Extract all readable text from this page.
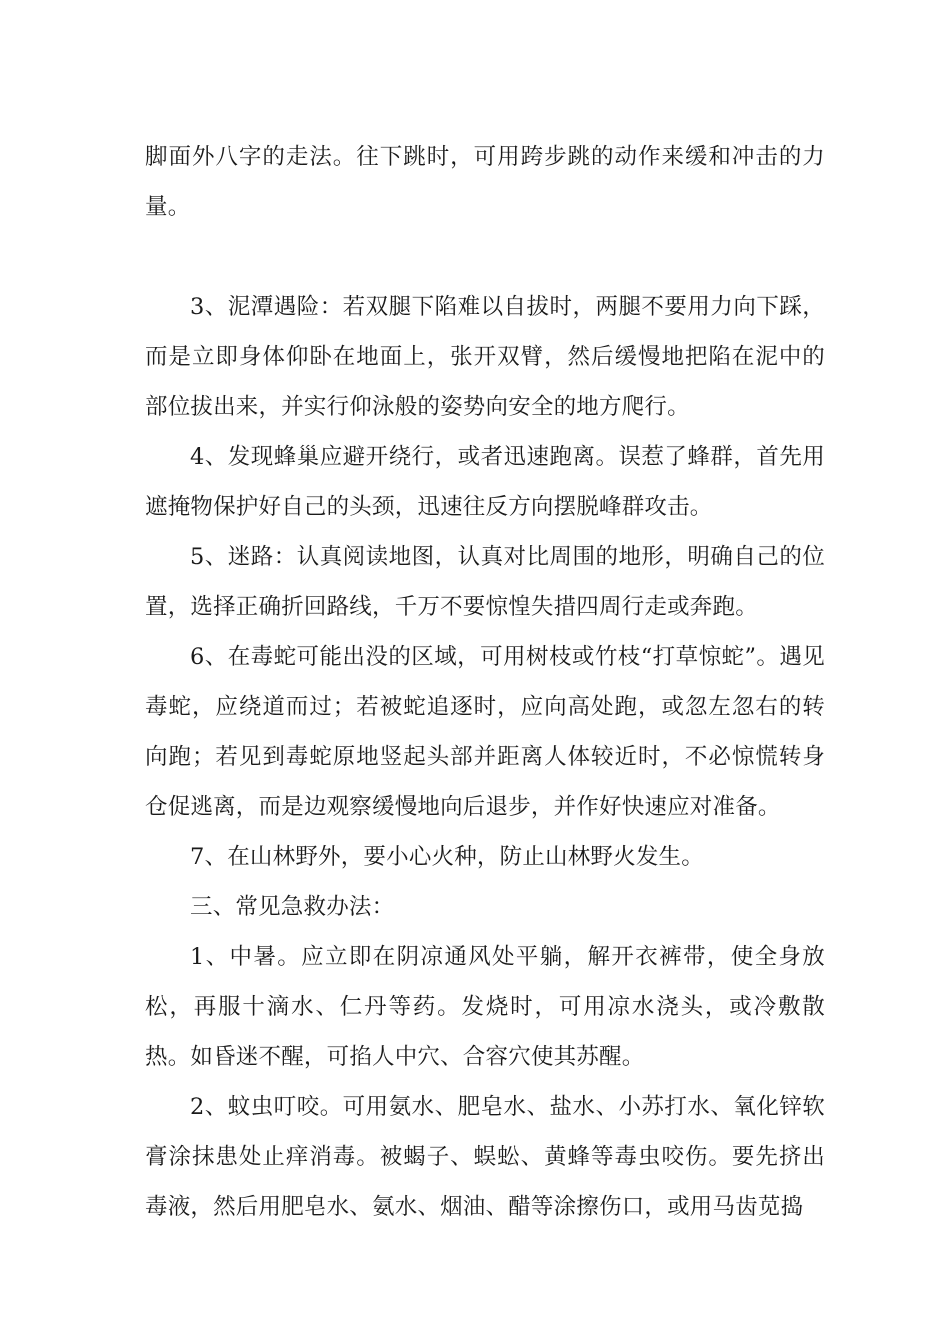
脚面外八字的走法。往下跳时，可用跨步跳的动作来缓和冲击的力量。

3、泥潭遇险：若双腿下陷难以自拔时，两腿不要用力向下踩，而是立即身体仰卧在地面上，张开双臂，然后缓慢地把陷在泥中的部位拔出来，并实行仰泳般的姿势向安全的地方爬行。

4、发现蜂巢应避开绕行，或者迅速跑离。误惹了蜂群，首先用遮掩物保护好自己的头颈，迅速往反方向摆脱峰群攻击。

5、迷路：认真阅读地图，认真对比周围的地形，明确自己的位置，选择正确折回路线，千万不要惊惶失措四周行走或奔跑。

6、在毒蛇可能出没的区域，可用树枝或竹枝“打草惊蛇”。遇见毒蛇，应绕道而过；若被蛇追逐时，应向高处跑，或忽左忽右的转向跑；若见到毒蛇原地竖起头部并距离人体较近时，不必惊慌转身仓促逃离，而是边观察缓慢地向后退步，并作好快速应对准备。

7、在山林野外，要小心火种，防止山林野火发生。

三、常见急救办法：

1、中暑。应立即在阴凉通风处平躺，解开衣裤带，使全身放松，再服十滴水、仁丹等药。发烧时，可用凉水浇头，或冷敷散热。如昏迷不醒，可掐人中穴、合容穴使其苏醒。

2、蚊虫叮咬。可用氨水、肥皂水、盐水、小苏打水、氧化锌软膏涂抹患处止痒消毒。被蝎子、蜈蚣、黄蜂等毒虫咬伤。要先挤出毒液，然后用肥皂水、氨水、烟油、醋等涂擦伤口，或用马齿苋捣
